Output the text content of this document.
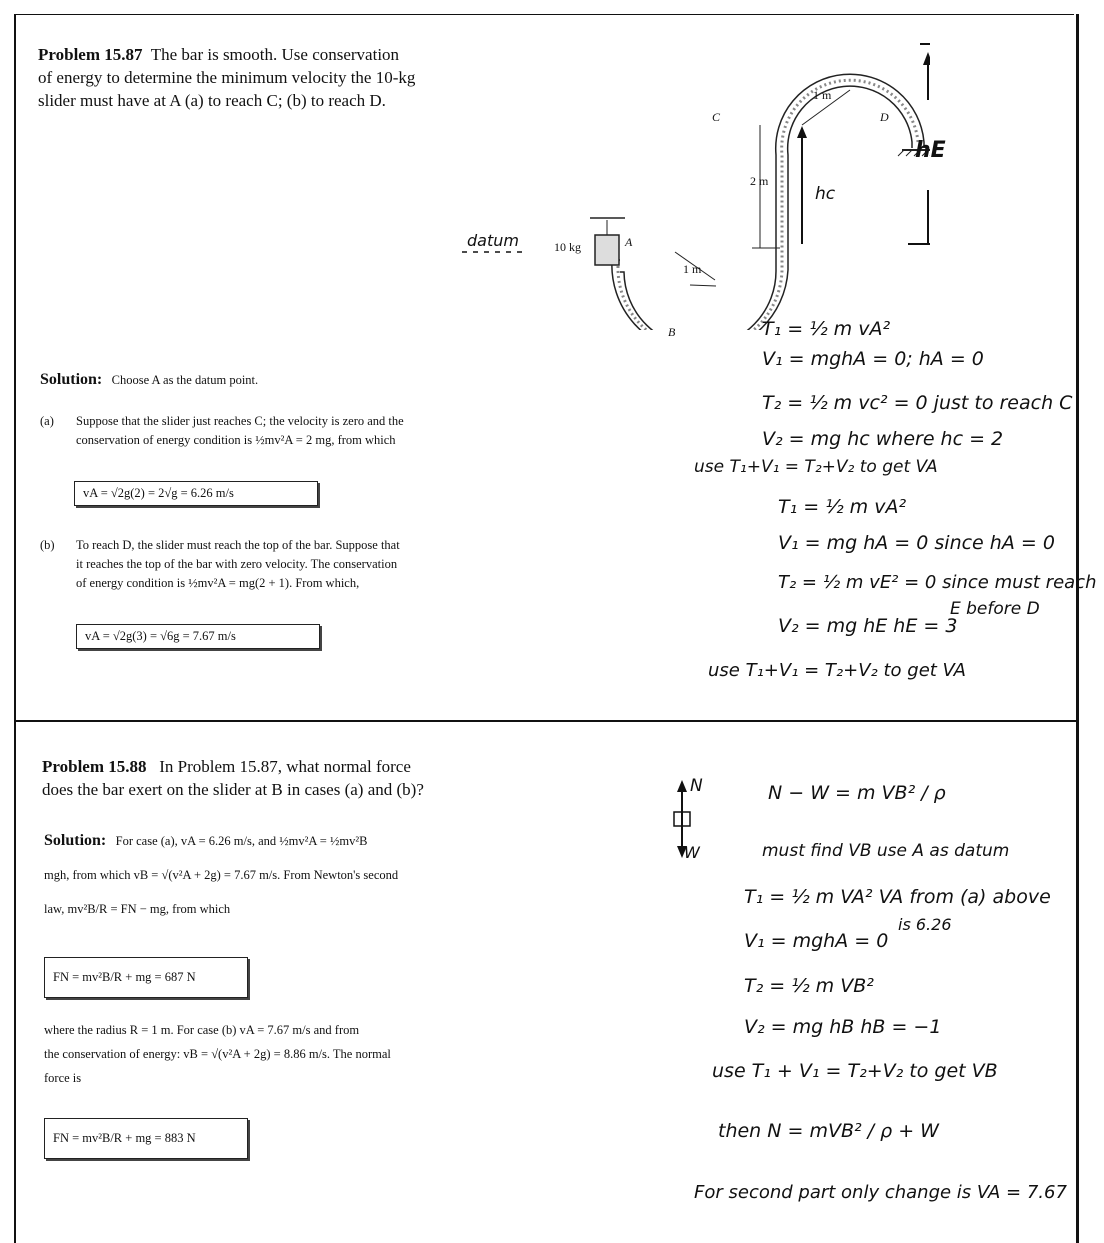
Problem 15.87 The bar is smooth. Use conservation
of energy to determine the minimum velocity the 10-kg
slider must have at A (a) to reach C; (b) to reach D.
datum	10 kg	A
B
C	D
1 m
1 m
2 m
hc
hE
Solution: Choose A as the datum point.
(a) Suppose that the slider just reaches C; the velocity is zero and the
conservation of energy condition is ½mv²A = 2 mg, from which
vA = √2g(2) = 2√g = 6.26 m/s
(b) To reach D, the slider must reach the top of the bar. Suppose that
it reaches the top of the bar with zero velocity. The conservation
of energy condition is ½mv²A = mg(2 + 1). From which,
vA = √2g(3) = √6g = 7.67 m/s
T₁ = ½ m vA²
V₁ = mghA = 0; hA = 0
T₂ = ½ m vc² = 0 just to reach C
V₂ = mg hc where hc = 2
use T₁+V₁ = T₂+V₂ to get VA
T₁ = ½ m vA²
V₁ = mg hA = 0 since hA = 0
T₂ = ½ m vE² = 0 since must reach
E before D
V₂ = mg hE hE = 3
use T₁+V₁ = T₂+V₂ to get VA
Problem 15.88 In Problem 15.87, what normal force
does the bar exert on the slider at B in cases (a) and (b)?
Solution: For case (a), vA = 6.26 m/s, and ½mv²A = ½mv²B
mgh, from which vB = √(v²A + 2g) = 7.67 m/s. From Newton's second
law, mv²B/R = FN − mg, from which
FN = mv²B/R + mg = 687 N
where the radius R = 1 m. For case (b) vA = 7.67 m/s and from
the conservation of energy: vB = √(v²A + 2g) = 8.86 m/s. The normal
force is
FN = mv²B/R + mg = 883 N
N
W
N − W = m VB² / ρ
must find VB use A as datum
T₁ = ½ m VA² VA from (a) above
is 6.26
V₁ = mghA = 0
T₂ = ½ m VB²
V₂ = mg hB hB = −1
use T₁ + V₁ = T₂+V₂ to get VB
then N = mVB² / ρ + W
For second part only change is VA = 7.67
